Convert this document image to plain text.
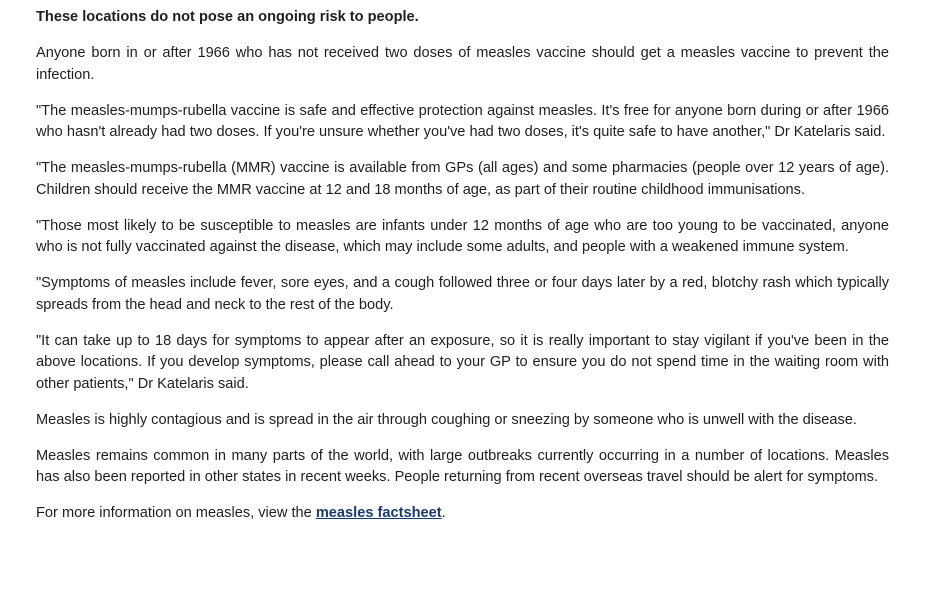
These locations do not pose an ongoing risk to people.

Anyone born in or after 1966 who has not received two doses of measles vaccine should get a measles vaccine to prevent the infection.

"The measles-mumps-rubella vaccine is safe and effective protection against measles. It's free for anyone born during or after 1966 who hasn't already had two doses. If you're unsure whether you've had two doses, it's quite safe to have another," Dr Katelaris said.

"The measles-mumps-rubella (MMR) vaccine is available from GPs (all ages) and some pharmacies (people over 12 years of age). Children should receive the MMR vaccine at 12 and 18 months of age, as part of their routine childhood immunisations.

"Those most likely to be susceptible to measles are infants under 12 months of age who are too young to be vaccinated, anyone who is not fully vaccinated against the disease, which may include some adults, and people with a weakened immune system.

"Symptoms of measles include fever, sore eyes, and a cough followed three or four days later by a red, blotchy rash which typically spreads from the head and neck to the rest of the body.

"It can take up to 18 days for symptoms to appear after an exposure, so it is really important to stay vigilant if you've been in the above locations. If you develop symptoms, please call ahead to your GP to ensure you do not spend time in the waiting room with other patients," Dr Katelaris said.

Measles is highly contagious and is spread in the air through coughing or sneezing by someone who is unwell with the disease.

Measles remains common in many parts of the world, with large outbreaks currently occurring in a number of locations. Measles has also been reported in other states in recent weeks. People returning from recent overseas travel should be alert for symptoms.

For more information on measles, view the measles factsheet.
